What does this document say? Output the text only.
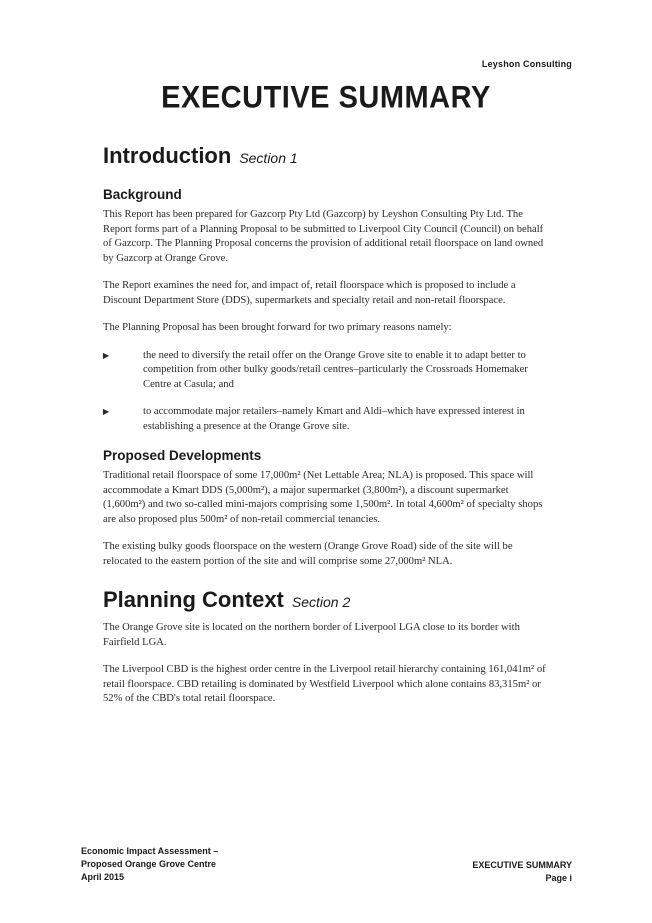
Leyshon Consulting
EXECUTIVE SUMMARY
Introduction Section 1
Background

This Report has been prepared for Gazcorp Pty Ltd (Gazcorp) by Leyshon Consulting Pty Ltd. The Report forms part of a Planning Proposal to be submitted to Liverpool City Council (Council) on behalf of Gazcorp. The Planning Proposal concerns the provision of additional retail floorspace on land owned by Gazcorp at Orange Grove.

The Report examines the need for, and impact of, retail floorspace which is proposed to include a Discount Department Store (DDS), supermarkets and specialty retail and non-retail floorspace.

The Planning Proposal has been brought forward for two primary reasons namely:

▶	the need to diversify the retail offer on the Orange Grove site to enable it to adapt better to competition from other bulky goods/retail centres–particularly the Crossroads Homemaker Centre at Casula; and
▶	to accommodate major retailers–namely Kmart and Aldi–which have expressed interest in establishing a presence at the Orange Grove site.
Proposed Developments

Traditional retail floorspace of some 17,000m² (Net Lettable Area; NLA) is proposed. This space will accommodate a Kmart DDS (5,000m²), a major supermarket (3,800m²), a discount supermarket (1,600m²) and two so-called mini-majors comprising some 1,500m². In total 4,600m² of specialty shops are also proposed plus 500m² of non-retail commercial tenancies.

The existing bulky goods floorspace on the western (Orange Grove Road) side of the site will be relocated to the eastern portion of the site and will comprise some 27,000m² NLA.

Planning Context Section 2

The Orange Grove site is located on the northern border of Liverpool LGA close to its border with Fairfield LGA.

The Liverpool CBD is the highest order centre in the Liverpool retail hierarchy containing 161,041m² of retail floorspace. CBD retailing is dominated by Westfield Liverpool which alone contains 83,315m² or 52% of the CBD's total retail floorspace.

Economic Impact Assessment –
Proposed Orange Grove Centre
April 2015
EXECUTIVE SUMMARY
Page i
